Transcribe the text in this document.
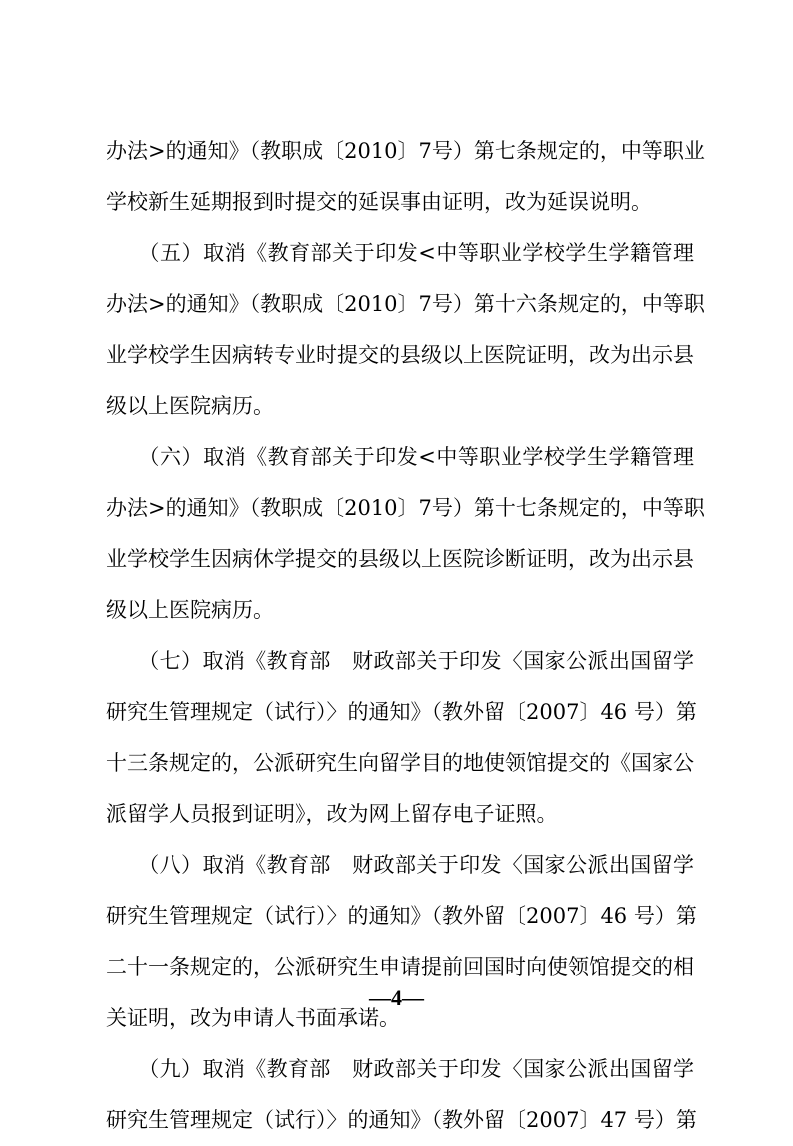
办法>的通知》（教职成〔2010〕7号）第七条规定的，中等职业
学校新生延期报到时提交的延误事由证明，改为延误说明。
　　（五）取消《教育部关于印发<中等职业学校学生学籍管理
办法>的通知》（教职成〔2010〕7号）第十六条规定的，中等职
业学校学生因病转专业时提交的县级以上医院证明，改为出示县
级以上医院病历。
　　（六）取消《教育部关于印发<中等职业学校学生学籍管理
办法>的通知》（教职成〔2010〕7号）第十七条规定的，中等职
业学校学生因病休学提交的县级以上医院诊断证明，改为出示县
级以上医院病历。
　　（七）取消《教育部　财政部关于印发〈国家公派出国留学
研究生管理规定（试行）〉的通知》（教外留〔2007〕46 号）第
十三条规定的，公派研究生向留学目的地使领馆提交的《国家公
派留学人员报到证明》，改为网上留存电子证照。
　　（八）取消《教育部　财政部关于印发〈国家公派出国留学
研究生管理规定（试行）〉的通知》（教外留〔2007〕46 号）第
二十一条规定的，公派研究生申请提前回国时向使领馆提交的相
关证明，改为申请人书面承诺。
　　（九）取消《教育部　财政部关于印发〈国家公派出国留学
研究生管理规定（试行）〉的通知》（教外留〔2007〕47 号）第
—4—
